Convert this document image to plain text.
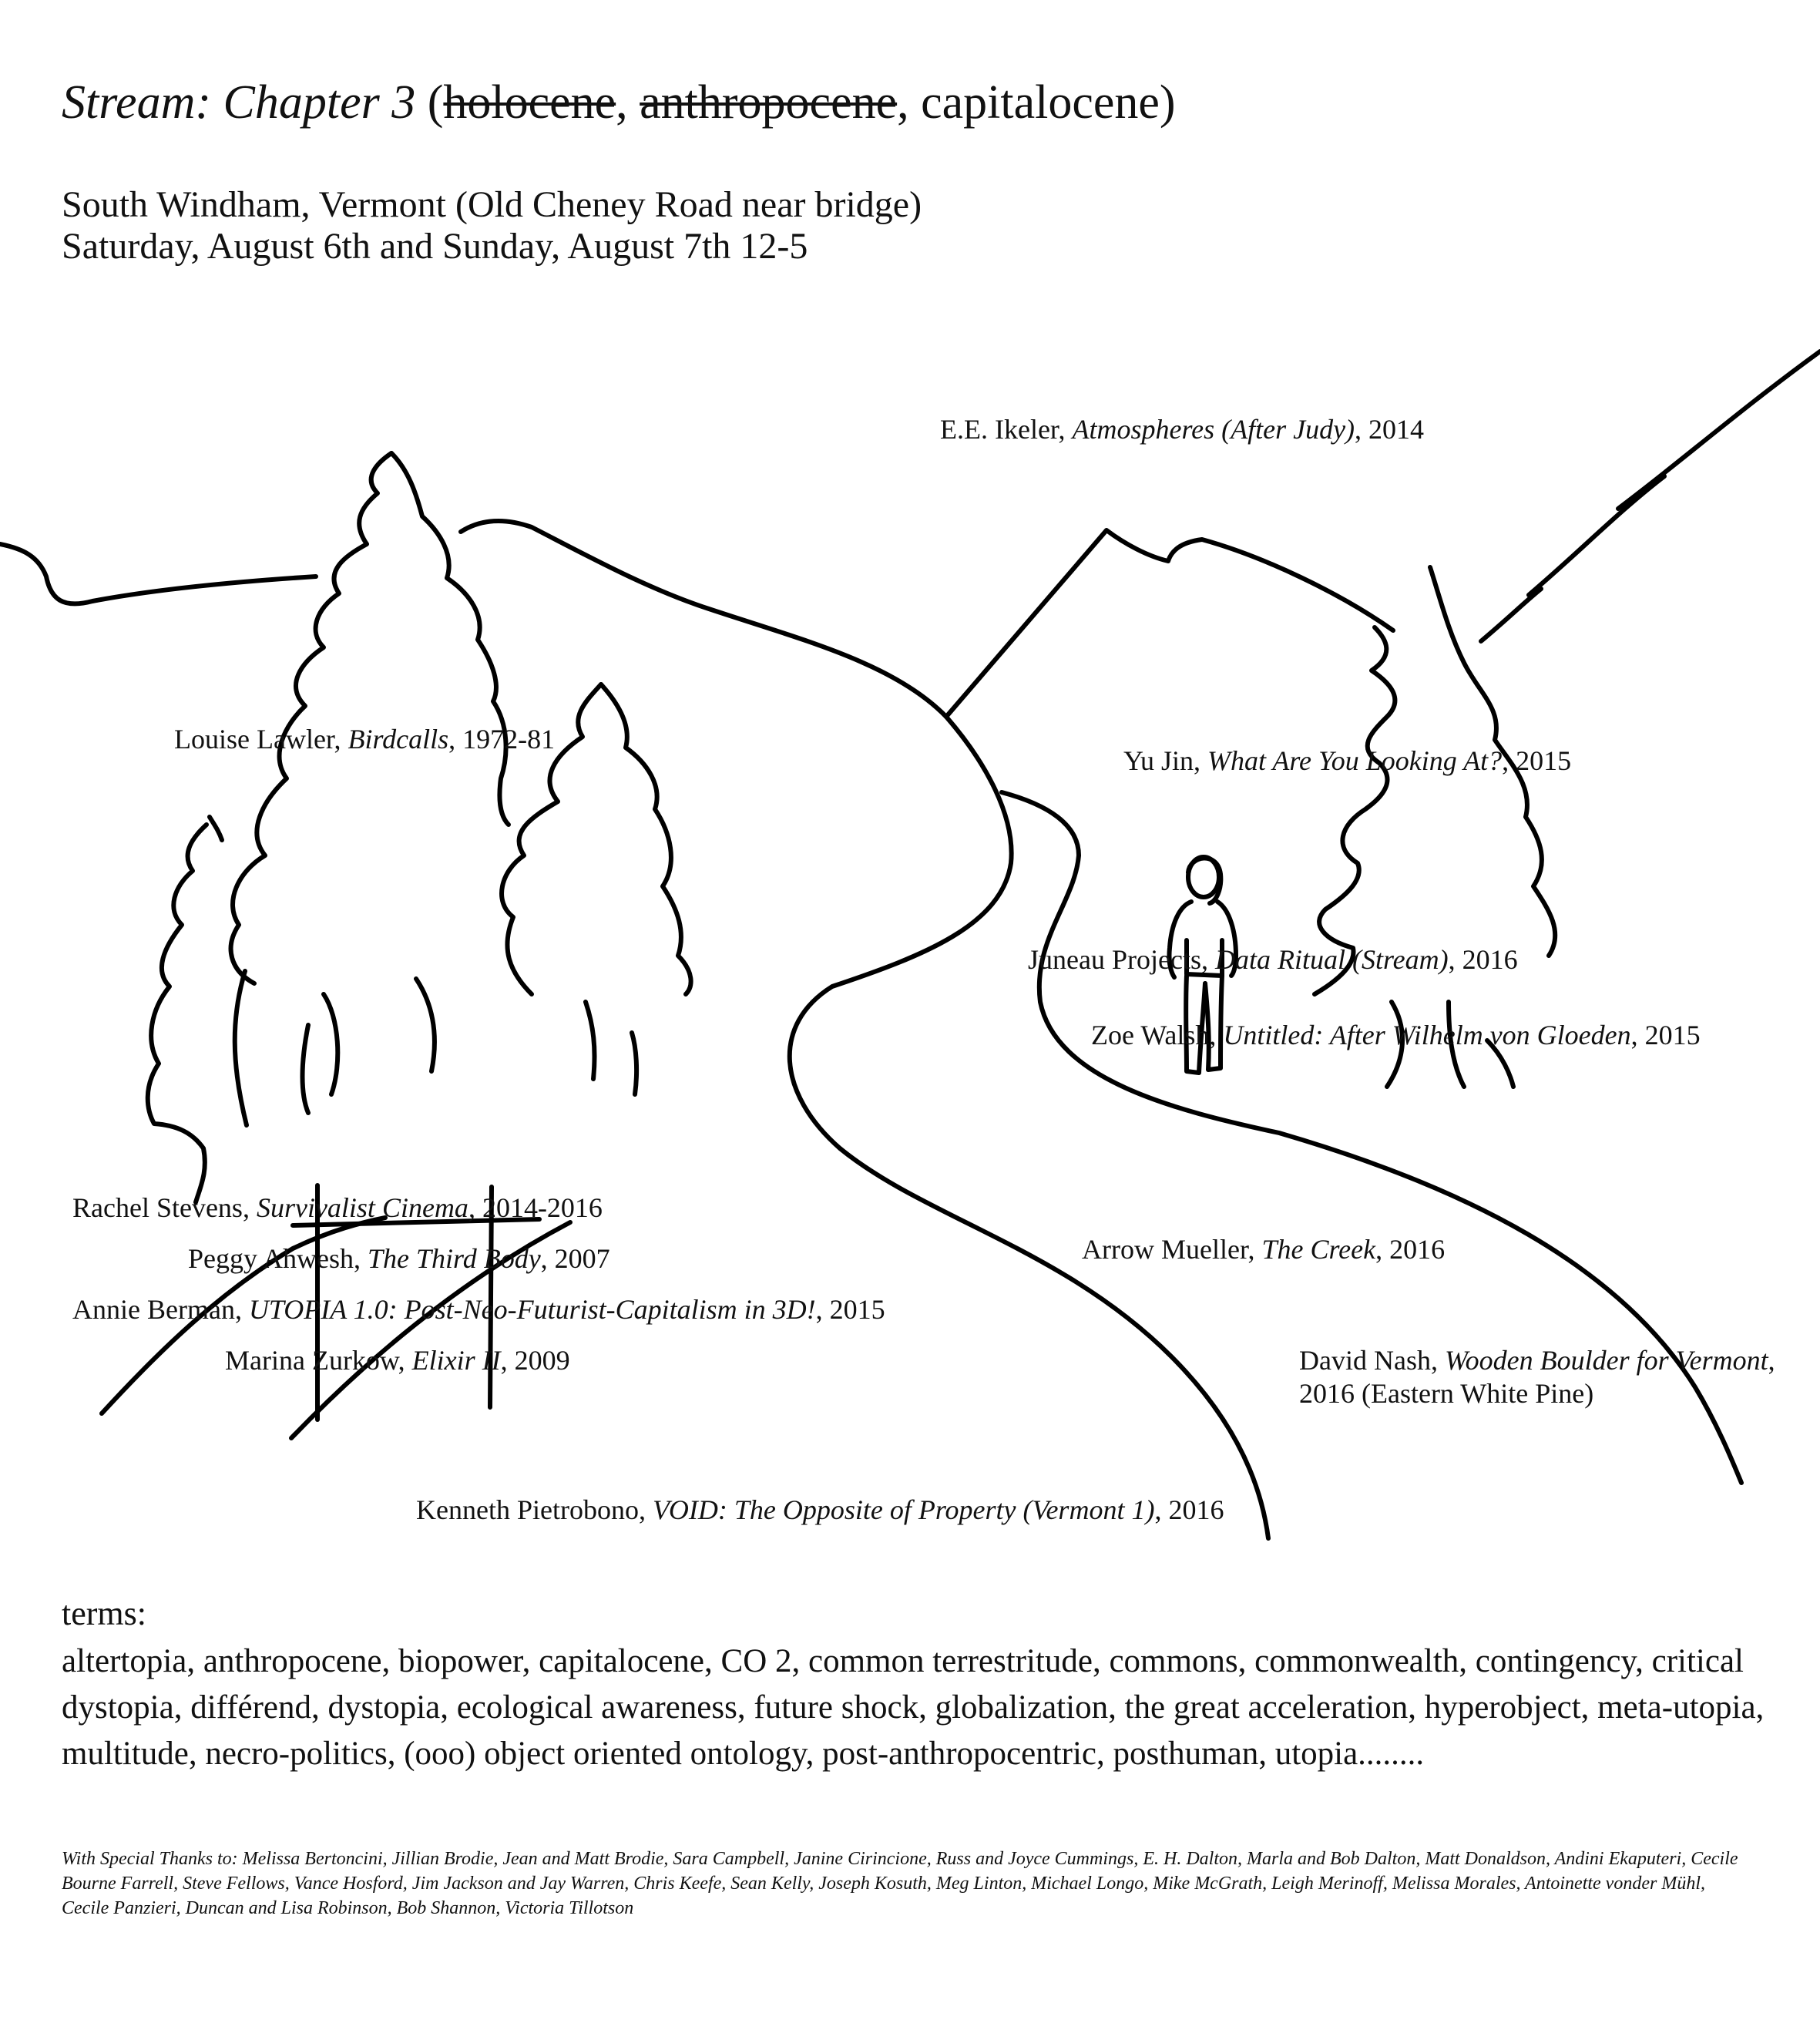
Stream: Chapter 3 (holocene, anthropocene, capitalocene)
South Windham, Vermont (Old Cheney Road near bridge)
Saturday, August 6th and Sunday, August 7th 12-5
E.E. Ikeler, Atmospheres (After Judy), 2014
Louise Lawler, Birdcalls, 1972-81
Yu Jin, What Are You Looking At?, 2015
Juneau Projects, Data Ritual (Stream), 2016
Zoe Walsh, Untitled: After Wilhelm von Gloeden, 2015
Rachel Stevens, Survivalist Cinema, 2014-2016
Peggy Ahwesh, The Third Body, 2007
Annie Berman, UTOPIA 1.0: Post-Neo-Futurist-Capitalism in 3D!, 2015
Marina Zurkow, Elixir II, 2009
Arrow Mueller, The Creek, 2016
David Nash, Wooden Boulder for Vermont,
2016 (Eastern White Pine)
Kenneth Pietrobono, VOID: The Opposite of Property (Vermont 1), 2016
terms:
altertopia, anthropocene, biopower, capitalocene, CO 2, common terrestritude, commons, commonwealth, contingency, critical dystopia, différend, dystopia, ecological awareness, future shock, globalization, the great acceleration, hyperobject, meta-utopia, multitude, necro-politics, (ooo) object oriented ontology, post-anthropocentric, posthuman, utopia........
With Special Thanks to: Melissa Bertoncini, Jillian Brodie, Jean and Matt Brodie, Sara Campbell, Janine Cirincione, Russ and Joyce Cummings, E. H. Dalton, Marla and Bob Dalton, Matt Donaldson, Andini Ekaputeri, Cecile Bourne Farrell, Steve Fellows, Vance Hosford, Jim Jackson and Jay Warren, Chris Keefe, Sean Kelly, Joseph Kosuth, Meg Linton, Michael Longo, Mike McGrath, Leigh Merinoff, Melissa Morales, Antoinette vonder Mühl, Cecile Panzieri, Duncan and Lisa Robinson, Bob Shannon, Victoria Tillotson
